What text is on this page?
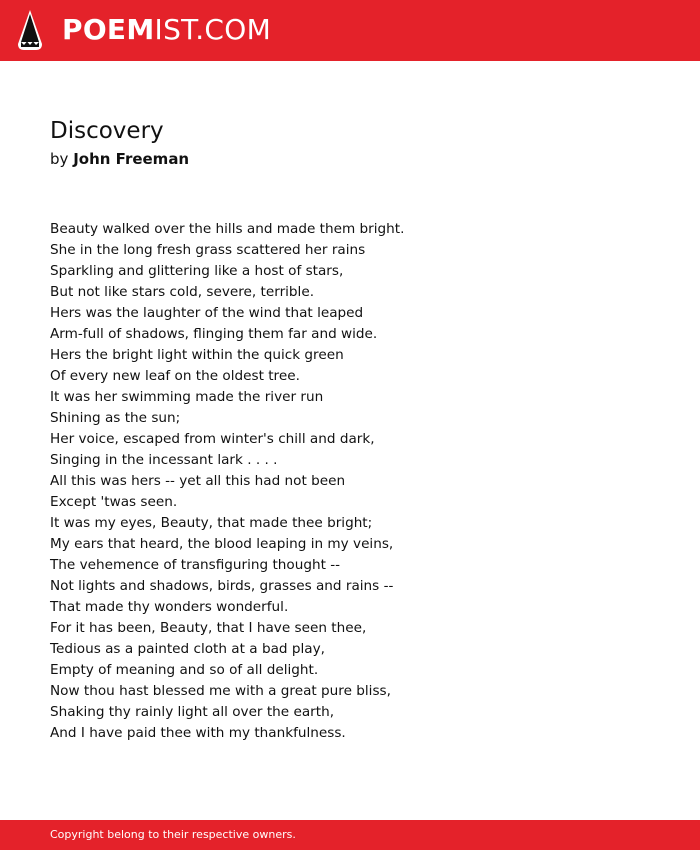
POEMIST.COM
Discovery
by John Freeman
Beauty walked over the hills and made them bright.
She in the long fresh grass scattered her rains
Sparkling and glittering like a host of stars,
But not like stars cold, severe, terrible.
Hers was the laughter of the wind that leaped
Arm-full of shadows, flinging them far and wide.
Hers the bright light within the quick green
Of every new leaf on the oldest tree.
It was her swimming made the river run
Shining as the sun;
Her voice, escaped from winter's chill and dark,
Singing in the incessant lark . . . .
All this was hers -- yet all this had not been
Except 'twas seen.
It was my eyes, Beauty, that made thee bright;
My ears that heard, the blood leaping in my veins,
The vehemence of transfiguring thought --
Not lights and shadows, birds, grasses and rains --
That made thy wonders wonderful.
For it has been, Beauty, that I have seen thee,
Tedious as a painted cloth at a bad play,
Empty of meaning and so of all delight.
Now thou hast blessed me with a great pure bliss,
Shaking thy rainly light all over the earth,
And I have paid thee with my thankfulness.
Copyright belong to their respective owners.
